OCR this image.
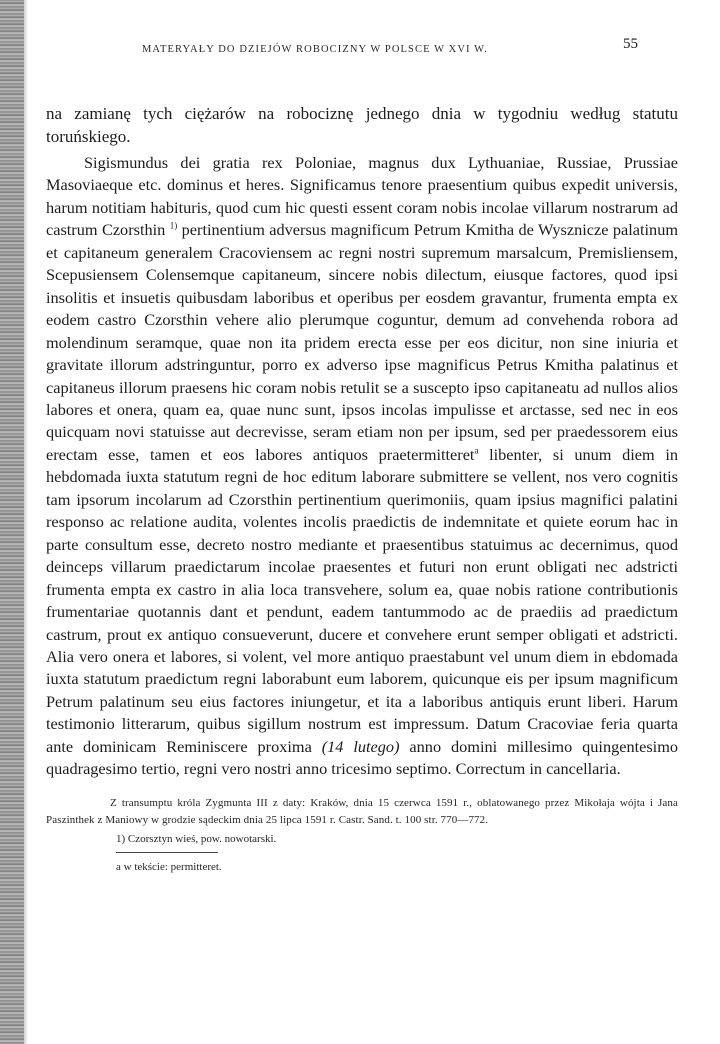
MATERYAŁY DO DZIEJÓW ROBOCIZNY W POLSCE W XVI W.	55

na zamianę tych ciężarów na robociznę jednego dnia w tygodniu według statutu toruńskiego.

Sigismundus dei gratia rex Poloniae, magnus dux Lythuaniae, Russiae, Prussiae Masoviaeque etc. dominus et heres. Significamus tenore praesentium quibus expedit universis, harum notitiam habituris, quod cum hic questi essent coram nobis incolae villarum nostrarum ad castrum Czorsthin $^{1)}$ pertinentium adversus magnificum Petrum Kmitha de Wysznicze palatinum et capitaneum generalem Cracoviensem ac regni nostri supremum marsalcum, Premisliensem, Scepusiensem Colensemque capitaneum, sincere nobis dilectum, eiusque factores, quod ipsi insolitis et insuetis quibusdam laboribus et operibus per eosdem gravantur, frumenta empta ex eodem castro Czorsthin vehere alio plerumque coguntur, demum ad convehenda robora ad molendinum seramque, quae non ita pridem erecta esse per eos dicitur, non sine iniuria et gravitate illorum adstringuntur, porro ex adverso ipse magnificus Petrus Kmitha palatinus et capitaneus illorum praesens hic coram nobis retulit se a suscepto ipso capitaneatu ad nullos alios labores et onera, quam ea, quae nunc sunt, ipsos incolas impulisse et arctasse, sed nec in eos quicquam novi statuisse aut decrevisse, seram etiam non per ipsum, sed per praedessorem eius erectam esse, tamen et eos labores antiquos praetermitteret$^a$ libenter, si unum diem in hebdomada iuxta statutum regni de hoc editum laborare submittere se vellent, nos vero cognitis tam ipsorum incolarum ad Czorsthin pertinentium querimoniis, quam ipsius magnifici palatini responso ac relatione audita, volentes incolis praedictis de indemnitate et quiete eorum hac in parte consultum esse, decreto nostro mediante et praesentibus statuimus ac decernimus, quod deinceps villarum praedictarum incolae praesentes et futuri non erunt obligati nec adstricti frumenta empta ex castro in alia loca transvehere, solum ea, quae nobis ratione contributionis frumentariae quotannis dant et pendunt, eadem tantummodo ac de praediis ad praedictum castrum, prout ex antiquo consueverunt, ducere et convehere erunt semper obligati et adstricti. Alia vero onera et labores, si volent, vel more antiquo praestabunt vel unum diem in ebdomada iuxta statutum praedictum regni laborabunt eum laborem, quicunque eis per ipsum magnificum Petrum palatinum seu eius factores iniungetur, et ita a laboribus antiquis erunt liberi. Harum testimonio litterarum, quibus sigillum nostrum est impressum. Datum Cracoviae feria quarta ante dominicam Reminiscere proxima (14 lutego) anno domini millesimo quingentesimo quadragesimo tertio, regni vero nostri anno tricesimo septimo. Correctum in cancellaria.

Z transumptu króla Zygmunta III z daty: Kraków, dnia 15 czerwca 1591 r., oblatowanego przez Mikołaja wójta i Jana Paszinthek z Maniowy w grodzie sądeckim dnia 25 lipca 1591 r. Castr. Sand. t. 100 str. 770—772.

1) Czorsztyn wieś, pow. nowotarski.

a w tekście: permitteret.
